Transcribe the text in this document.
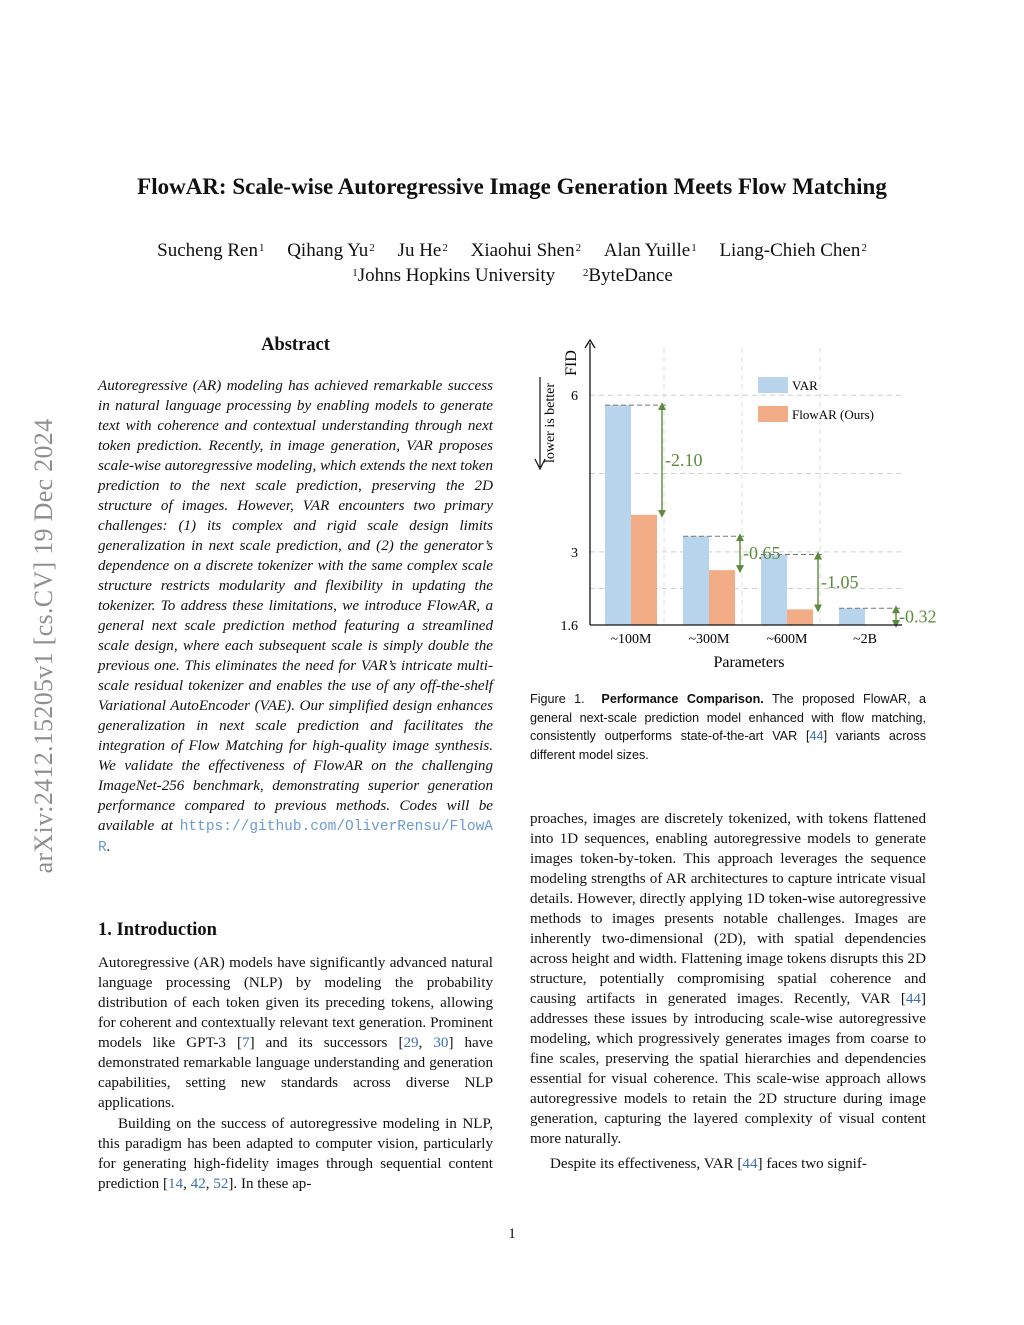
arXiv:2412.15205v1 [cs.CV] 19 Dec 2024
FlowAR: Scale-wise Autoregressive Image Generation Meets Flow Matching
Sucheng Ren$^1$ Qihang Yu$^2$ Ju He$^2$ Xiaohui Shen$^2$ Alan Yuille$^1$ Liang-Chieh Chen$^2$
$^1$Johns Hopkins University	$^2$ByteDance
Abstract
Autoregressive (AR) modeling has achieved remarkable success in natural language processing by enabling models to generate text with coherence and contextual understanding through next token prediction. Recently, in image generation, VAR proposes scale-wise autoregressive modeling, which extends the next token prediction to the next scale prediction, preserving the 2D structure of images. However, VAR encounters two primary challenges: (1) its complex and rigid scale design limits generalization in next scale prediction, and (2) the generator’s dependence on a discrete tokenizer with the same complex scale structure restricts modularity and flexibility in updating the tokenizer. To address these limitations, we introduce FlowAR, a general next scale prediction method featuring a streamlined scale design, where each subsequent scale is simply double the previous one. This eliminates the need for VAR’s intricate multi-scale residual tokenizer and enables the use of any off-the-shelf Variational AutoEncoder (VAE). Our simplified design enhances generalization in next scale prediction and facilitates the integration of Flow Matching for high-quality image synthesis. We validate the effectiveness of FlowAR on the challenging ImageNet-256 benchmark, demonstrating superior generation performance compared to previous methods. Codes will be available at https://github.com/OliverRensu/FlowAR.
1. Introduction

Autoregressive (AR) models have significantly advanced natural language processing (NLP) by modeling the probability distribution of each token given its preceding tokens, allowing for coherent and contextually relevant text generation. Prominent models like GPT-3 [7] and its successors [29, 30] have demonstrated remarkable language understanding and generation capabilities, setting new standards across diverse NLP applications.

Building on the success of autoregressive modeling in NLP, this paradigm has been adapted to computer vision, particularly for generating high-fidelity images through sequential content prediction [14, 42, 52]. In these ap-

-2.10
-0.65
-1.05
-0.32
~100M	~300M	~600M	~2B
1.6
3
6
lower is better
FID
Parameters
VAR
FlowAR (Ours)
Figure 1. Performance Comparison. The proposed FlowAR, a general next-scale prediction model enhanced with flow matching, consistently outperforms state-of-the-art VAR [44] variants across different model sizes.

proaches, images are discretely tokenized, with tokens flattened into 1D sequences, enabling autoregressive models to generate images token-by-token. This approach leverages the sequence modeling strengths of AR architectures to capture intricate visual details. However, directly applying 1D token-wise autoregressive methods to images presents notable challenges. Images are inherently two-dimensional (2D), with spatial dependencies across height and width. Flattening image tokens disrupts this 2D structure, potentially compromising spatial coherence and causing artifacts in generated images. Recently, VAR [44] addresses these issues by introducing scale-wise autoregressive modeling, which progressively generates images from coarse to fine scales, preserving the spatial hierarchies and dependencies essential for visual coherence. This scale-wise approach allows autoregressive models to retain the 2D structure during image generation, capturing the layered complexity of visual content more naturally.

Despite its effectiveness, VAR [44] faces two signif-

1
